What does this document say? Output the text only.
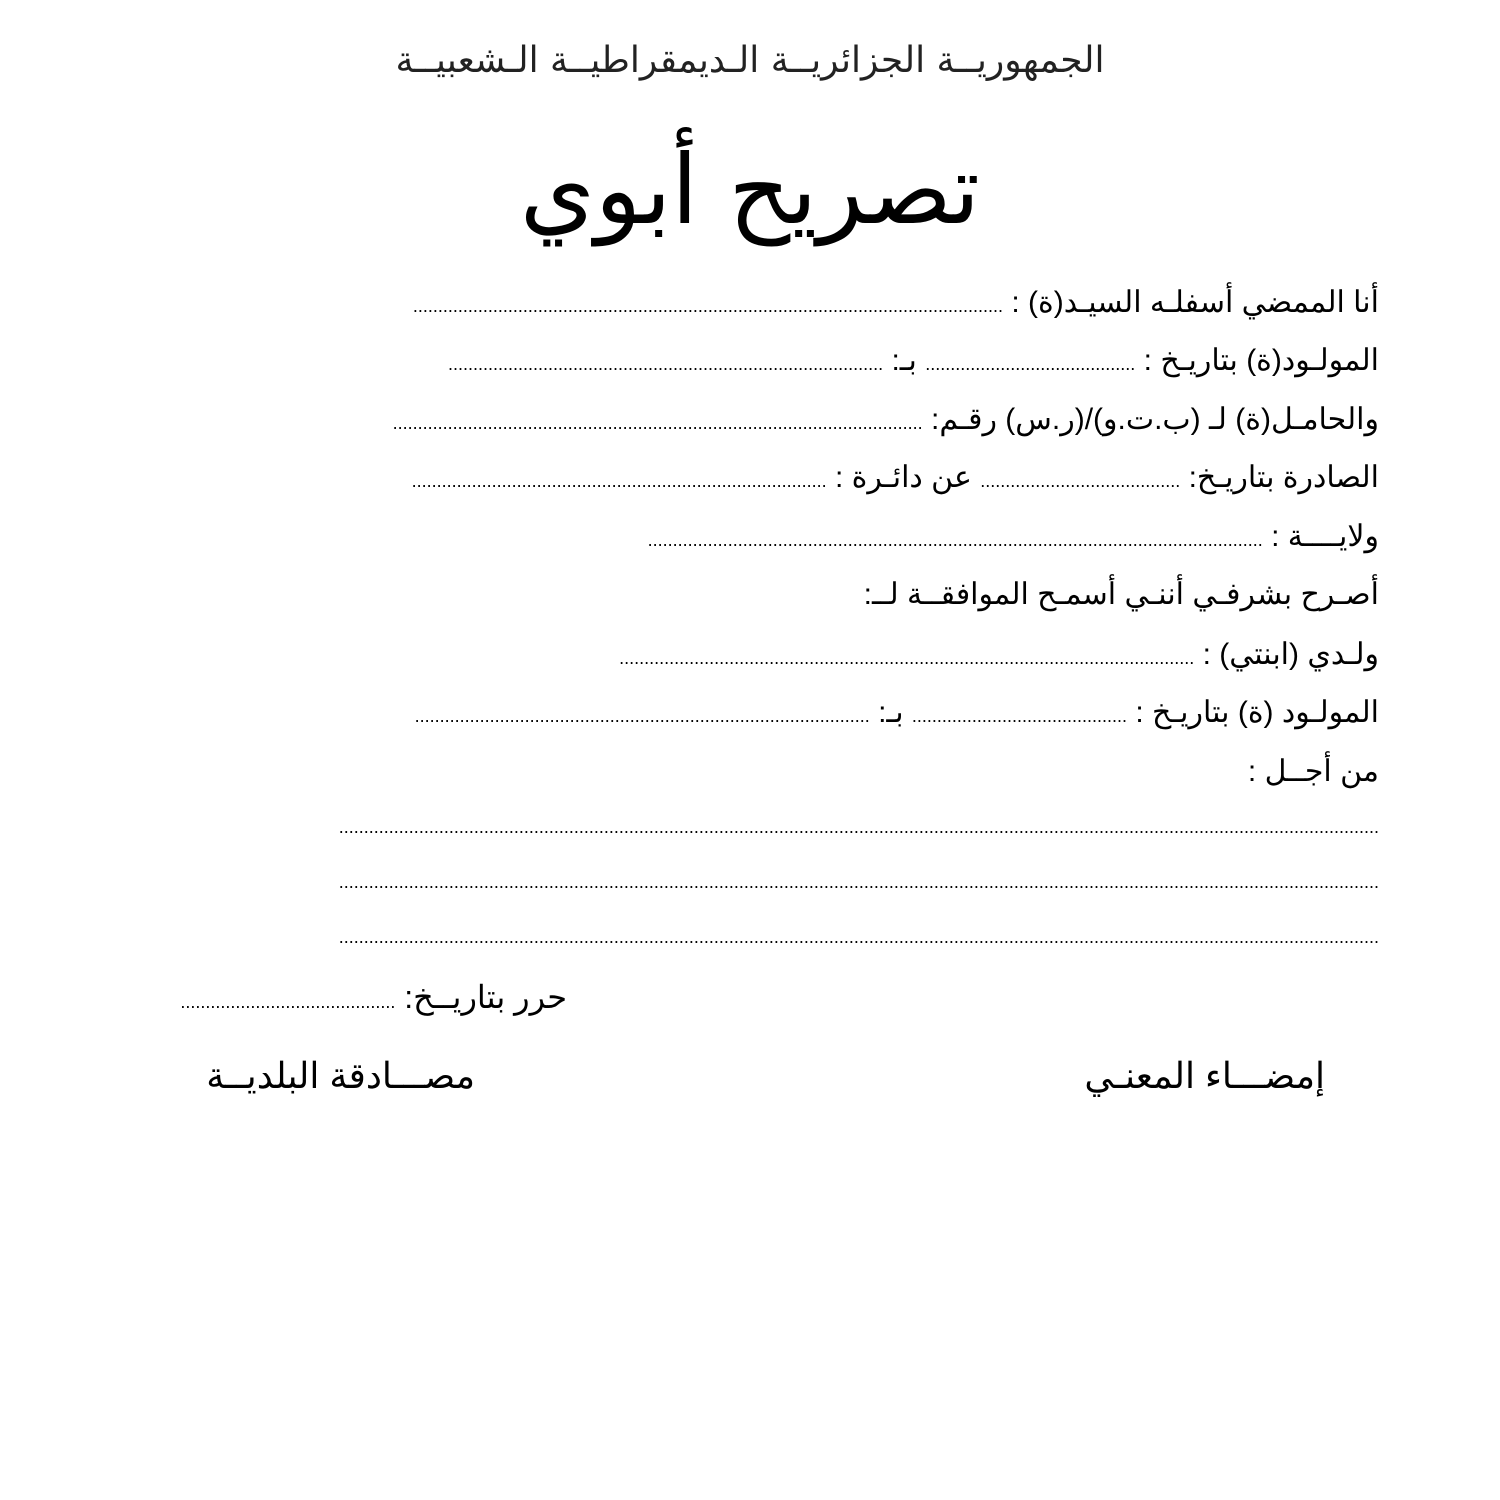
الجمهوريــة الجزائريــة الـديمقراطيــة الـشعبيــة
تصريح أبوي
أنا الممضي أسفلـه السيـد(ة) : ......................................................................................................................
المولـود(ة) بتاريـخ : .......................................... بـ: .......................................................................................
والحامـل(ة) لـ (ب.ت.و)/(ر.س) رقـم: ..........................................................................................................
الصادرة بتاريـخ: ........................................ عن دائـرة : ...................................................................................
ولايــــة : ...........................................................................................................................
أصـرح بشرفـي أننـي أسمـح الموافقــة لــ:
ولـدي (ابنتي) : ...................................................................................................................
المولـود (ة) بتاريـخ : ........................................... بـ: ...........................................................................................
من أجــل :
................................................................................................................................................................................................................
................................................................................................................................................................................................................
................................................................................................................................................................................................................
حرر بتاريــخ: ...........................................
إمضـــاء المعنـي
مصـــادقة البلديــة
